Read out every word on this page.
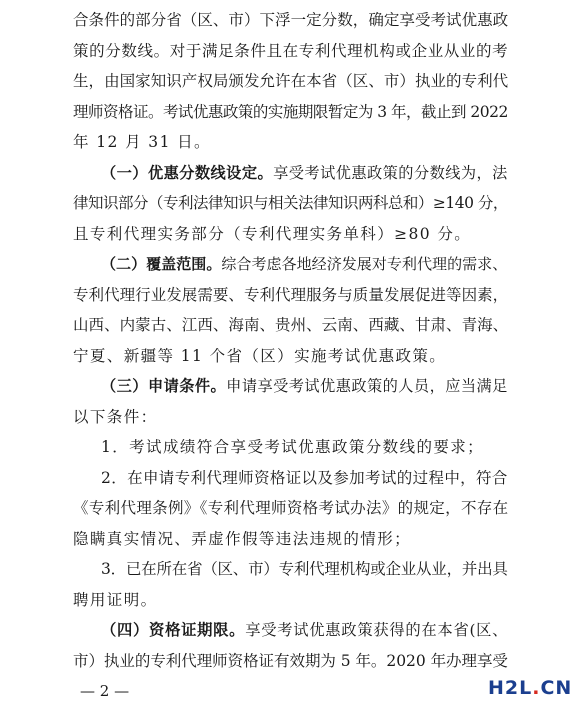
合条件的部分省（区、市）下浮一定分数，确定享受考试优惠政
策的分数线。对于满足条件且在专利代理机构或企业从业的考
生，由国家知识产权局颁发允许在本省（区、市）执业的专利代
理师资格证。考试优惠政策的实施期限暂定为 3 年，截止到 2022
年 12 月 31 日。
（一）优惠分数线设定。享受考试优惠政策的分数线为，法
律知识部分（专利法律知识与相关法律知识两科总和）≥140 分，
且专利代理实务部分（专利代理实务单科）≥80 分。
（二）覆盖范围。综合考虑各地经济发展对专利代理的需求、
专利代理行业发展需要、专利代理服务与质量发展促进等因素，
山西、内蒙古、江西、海南、贵州、云南、西藏、甘肃、青海、
宁夏、新疆等 11 个省（区）实施考试优惠政策。
（三）申请条件。申请享受考试优惠政策的人员，应当满足
以下条件：
1．考试成绩符合享受考试优惠政策分数线的要求；
2．在申请专利代理师资格证以及参加考试的过程中，符合
《专利代理条例》《专利代理师资格考试办法》的规定，不存在
隐瞒真实情况、弄虚作假等违法违规的情形；
3．已在所在省（区、市）专利代理机构或企业从业，并出具
聘用证明。
（四）资格证期限。享受考试优惠政策获得的在本省(区、
— 2 —	H2L.CN
市）执业的专利代理师资格证有效期为 5 年。2020 年办理享受
